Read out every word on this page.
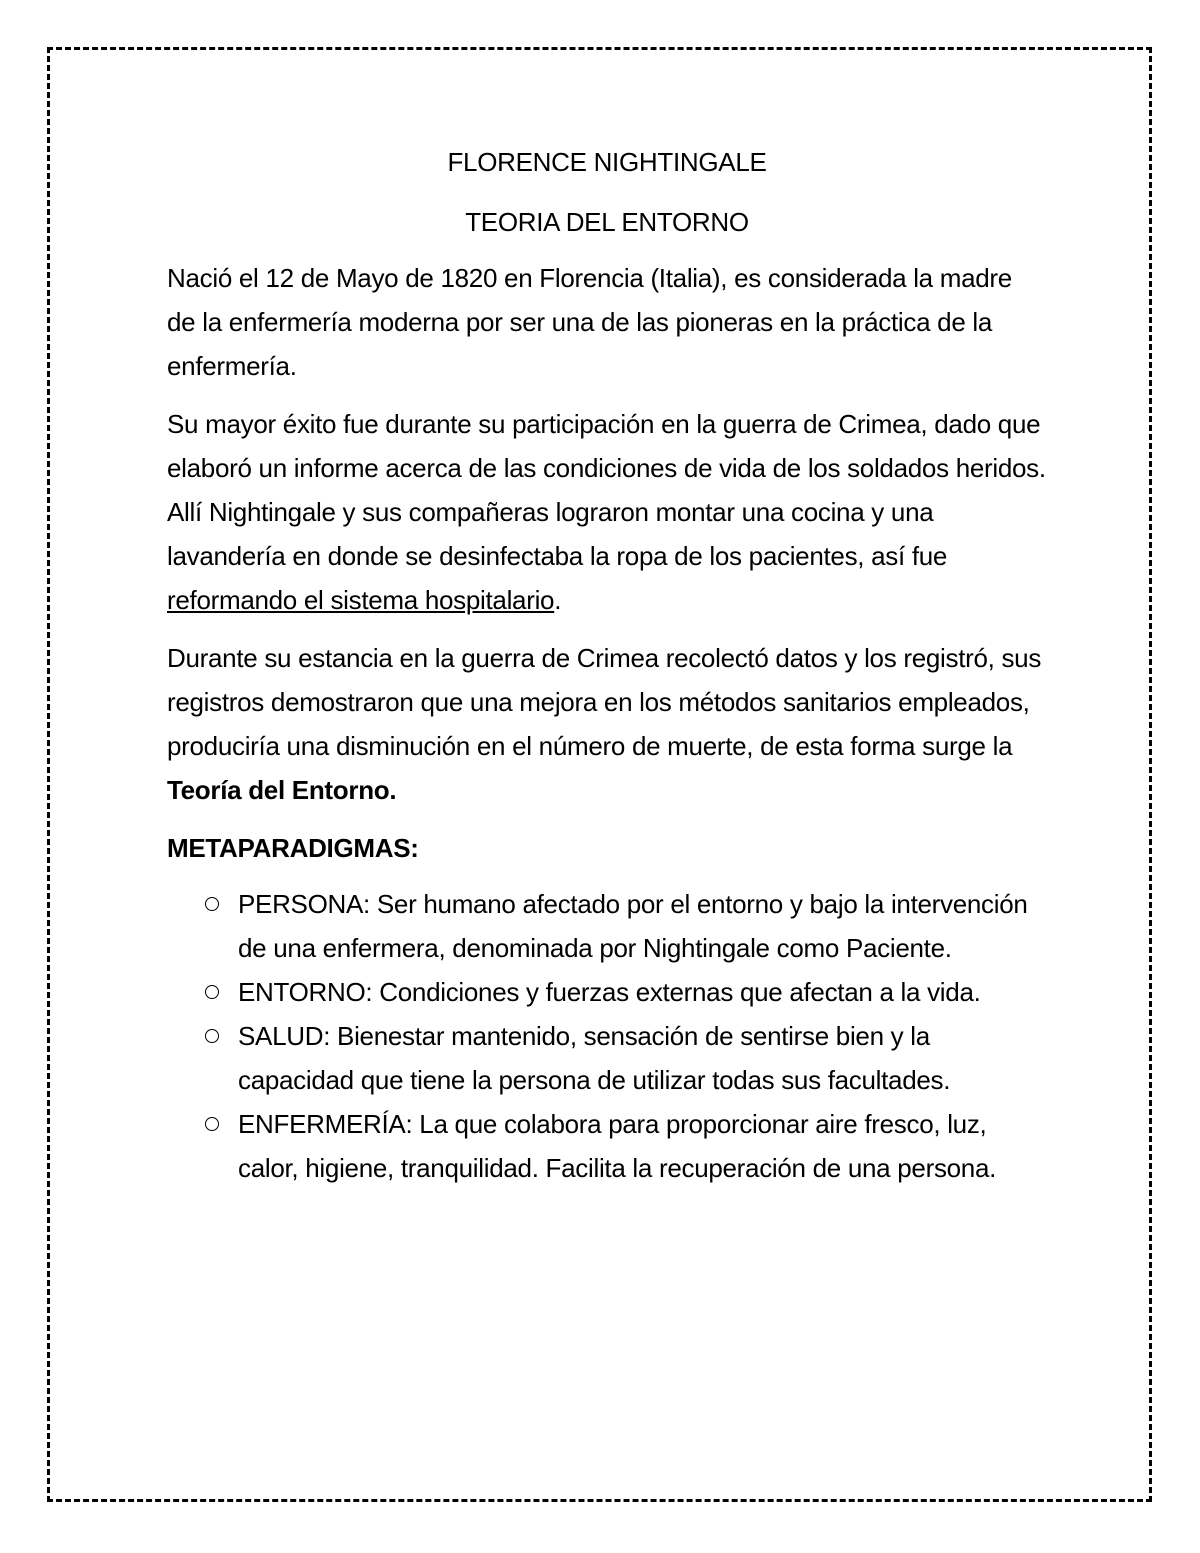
FLORENCE NIGHTINGALE

TEORIA DEL ENTORNO

Nació el 12 de Mayo de 1820 en Florencia (Italia), es considerada la madre de la enfermería moderna por ser una de las pioneras en la práctica de la enfermería.

Su mayor éxito fue durante su participación en la guerra de Crimea, dado que elaboró un informe acerca de las condiciones de vida de los soldados heridos. Allí Nightingale y sus compañeras lograron montar una cocina y una lavandería en donde se desinfectaba la ropa de los pacientes, así fue reformando el sistema hospitalario.

Durante su estancia en la guerra de Crimea recolectó datos y los registró, sus registros demostraron que una mejora en los métodos sanitarios empleados, produciría una disminución en el número de muerte, de esta forma surge la Teoría del Entorno.

METAPARADIGMAS:

PERSONA: Ser humano afectado por el entorno y bajo la intervención de una enfermera, denominada por Nightingale como Paciente.
ENTORNO: Condiciones y fuerzas externas que afectan a la vida.
SALUD: Bienestar mantenido, sensación de sentirse bien y la capacidad que tiene la persona de utilizar todas sus facultades.
ENFERMERÍA: La que colabora para proporcionar aire fresco, luz, calor, higiene, tranquilidad. Facilita la recuperación de una persona.
